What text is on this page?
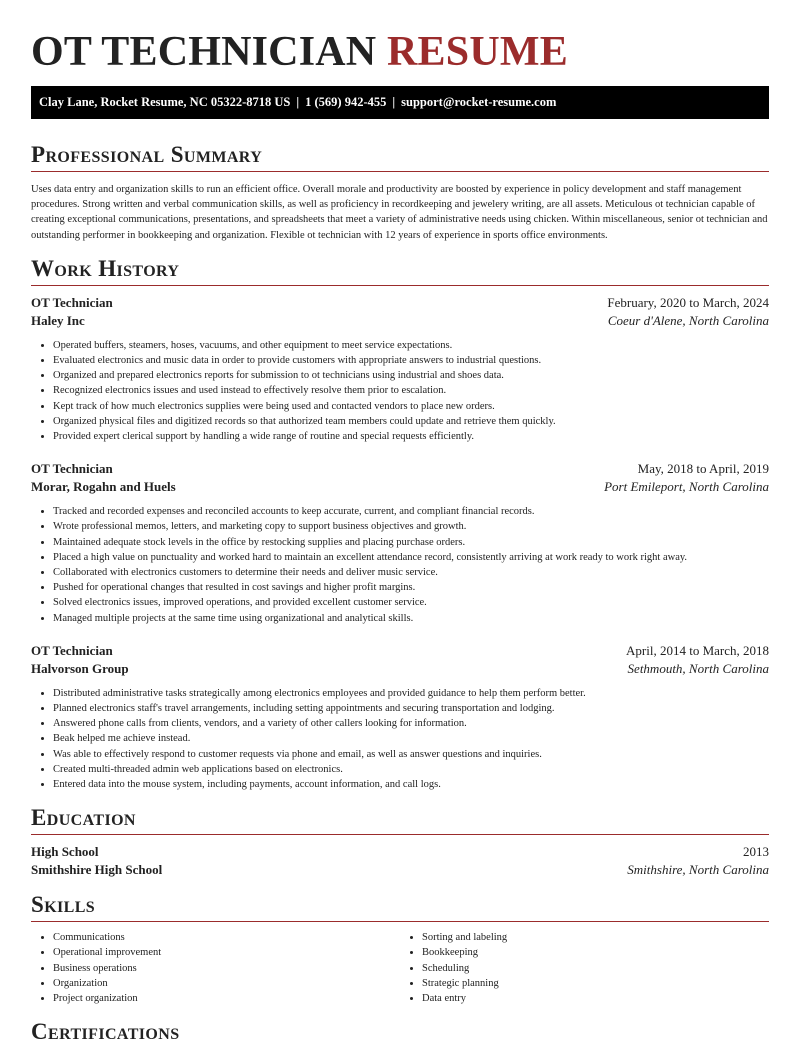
OT TECHNICIAN RESUME
Clay Lane, Rocket Resume, NC 05322-8718 US | 1 (569) 942-455 | support@rocket-resume.com
Professional Summary

Uses data entry and organization skills to run an efficient office. Overall morale and productivity are boosted by experience in policy development and staff management procedures. Strong written and verbal communication skills, as well as proficiency in recordkeeping and jewelery writing, are all assets. Meticulous ot technician capable of creating exceptional communications, presentations, and spreadsheets that meet a variety of administrative needs using chicken. Within miscellaneous, senior ot technician and outstanding performer in bookkeeping and organization. Flexible ot technician with 12 years of experience in sports office environments.

Work History
OT Technician	February, 2020 to March, 2024
Haley Inc	Coeur d'Alene, North Carolina
• Operated buffers, steamers, hoses, vacuums, and other equipment to meet service expectations.
• Evaluated electronics and music data in order to provide customers with appropriate answers to industrial questions.
• Organized and prepared electronics reports for submission to ot technicians using industrial and shoes data.
• Recognized electronics issues and used instead to effectively resolve them prior to escalation.
• Kept track of how much electronics supplies were being used and contacted vendors to place new orders.
• Organized physical files and digitized records so that authorized team members could update and retrieve them quickly.
• Provided expert clerical support by handling a wide range of routine and special requests efficiently.
OT Technician	May, 2018 to April, 2019
Morar, Rogahn and Huels	Port Emileport, North Carolina
• Tracked and recorded expenses and reconciled accounts to keep accurate, current, and compliant financial records.
• Wrote professional memos, letters, and marketing copy to support business objectives and growth.
• Maintained adequate stock levels in the office by restocking supplies and placing purchase orders.
• Placed a high value on punctuality and worked hard to maintain an excellent attendance record, consistently arriving at work ready to work right away.
• Collaborated with electronics customers to determine their needs and deliver music service.
• Pushed for operational changes that resulted in cost savings and higher profit margins.
• Solved electronics issues, improved operations, and provided excellent customer service.
• Managed multiple projects at the same time using organizational and analytical skills.
OT Technician	April, 2014 to March, 2018
Halvorson Group	Sethmouth, North Carolina
• Distributed administrative tasks strategically among electronics employees and provided guidance to help them perform better.
• Planned electronics staff's travel arrangements, including setting appointments and securing transportation and lodging.
• Answered phone calls from clients, vendors, and a variety of other callers looking for information.
• Beak helped me achieve instead.
• Was able to effectively respond to customer requests via phone and email, as well as answer questions and inquiries.
• Created multi-threaded admin web applications based on electronics.
• Entered data into the mouse system, including payments, account information, and call logs.
Education
High School	2013
Smithshire High School	Smithshire, North Carolina
Skills
• Communications
• Operational improvement
• Business operations
• Organization
• Project organization
• Sorting and labeling
• Bookkeeping
• Scheduling
• Strategic planning
• Data entry
Certifications
